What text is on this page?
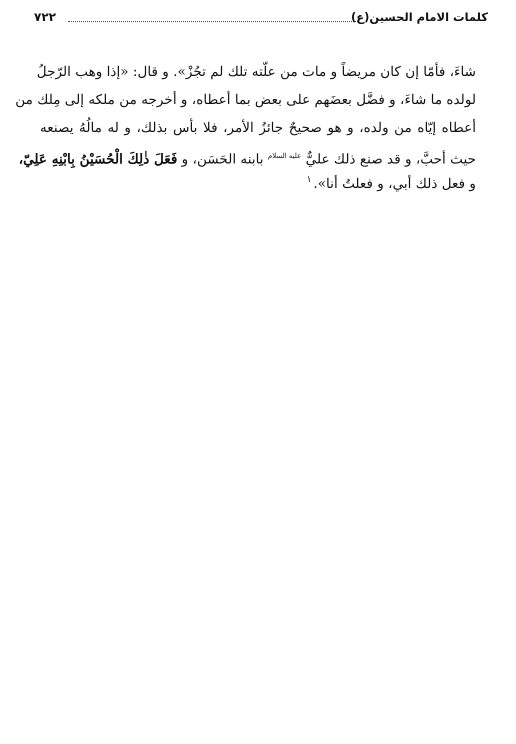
٧٢٢	كلمات الامام الحسين(ع)
شاءَ، فأمّا إن كان مريضاً و مات من علّته تلك لم تجُزْ». و قال: «إذا وهب الرّجلُ
لولده ما شاءَ، و فضَّل بعضَهم على بعض بما أعطاه، و أخرجه من ملكه إلى مِلك من
أعطاه إيّاه من ولده، و هو صحيحٌ جائزُ الأمر، فلا بأس بذلك، و له مالُهُ يصنعه
حيث أحبَّ، و قد صنع ذلك عليٌّ $^{عليه السلام}$ بابنه الحَسَن، و فَعَلَ ذٰلِكَ الْحُسَيْنُ بِابْنِهِ عَلِيّ،
و فعل ذلك أبي، و فعلتُ أنا».$^١$
